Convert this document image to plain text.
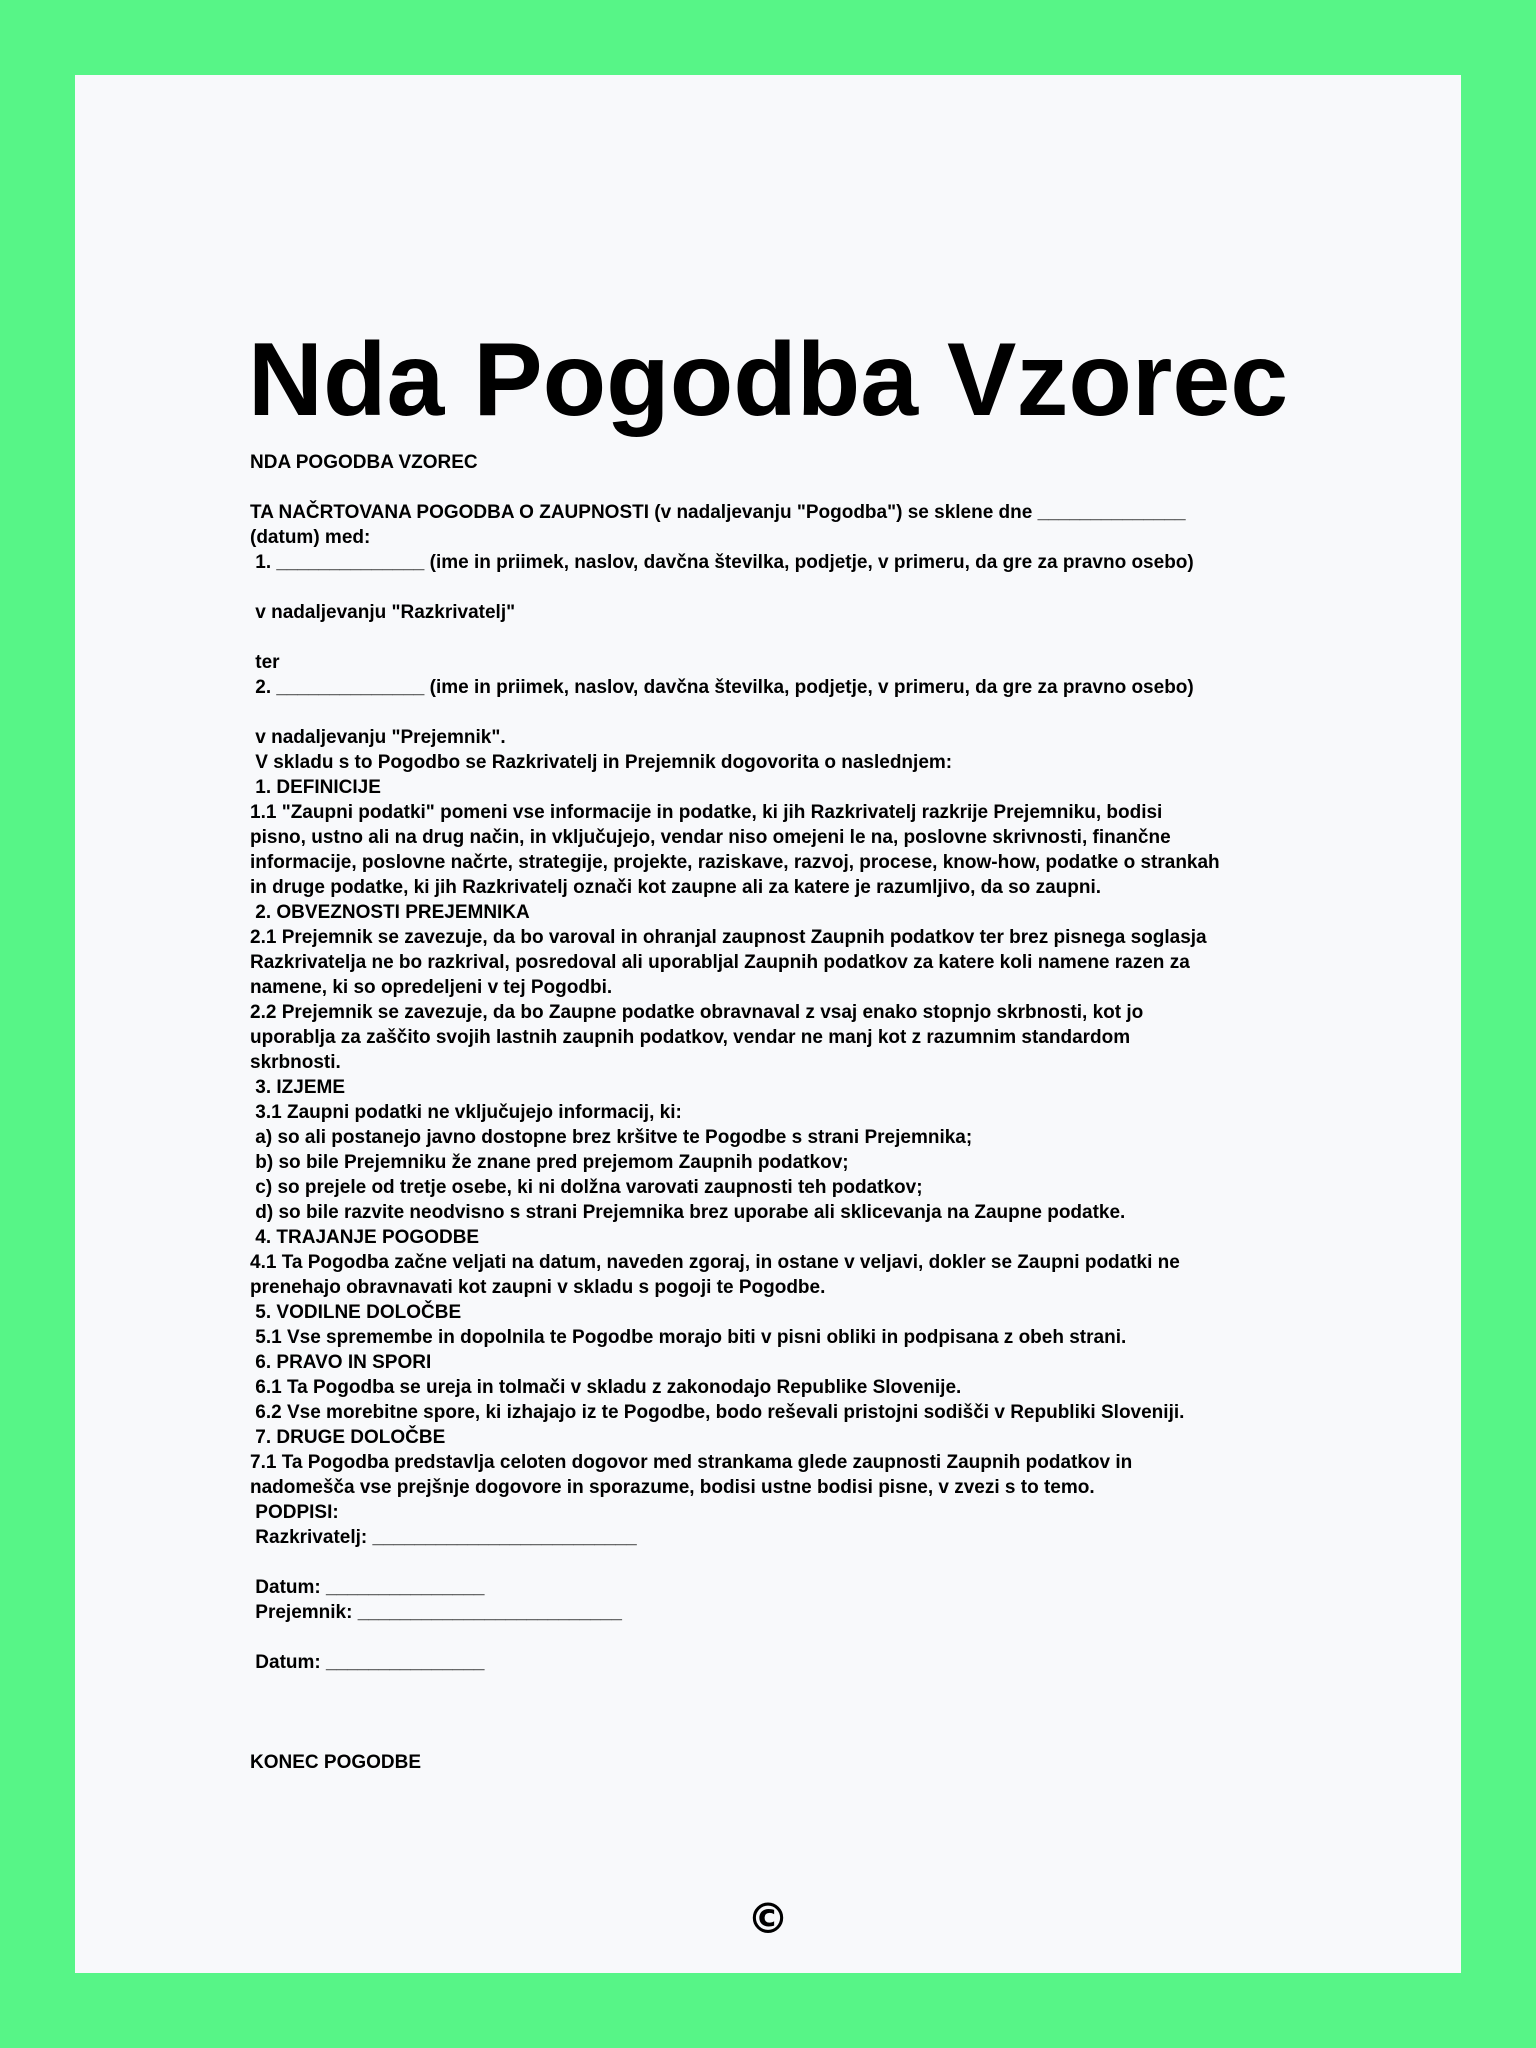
Nda Pogodba Vzorec
NDA POGODBA VZOREC

TA NAČRTOVANA POGODBA O ZAUPNOSTI (v nadaljevanju "Pogodba") se sklene dne ______________
(datum) med:
1. ______________ (ime in priimek, naslov, davčna številka, podjetje, v primeru, da gre za pravno osebo)

v nadaljevanju "Razkrivatelj"

ter
2. ______________ (ime in priimek, naslov, davčna številka, podjetje, v primeru, da gre za pravno osebo)

v nadaljevanju "Prejemnik".
V skladu s to Pogodbo se Razkrivatelj in Prejemnik dogovorita o naslednjem:
1. DEFINICIJE
1.1 "Zaupni podatki" pomeni vse informacije in podatke, ki jih Razkrivatelj razkrije Prejemniku, bodisi
pisno, ustno ali na drug način, in vključujejo, vendar niso omejeni le na, poslovne skrivnosti, finančne
informacije, poslovne načrte, strategije, projekte, raziskave, razvoj, procese, know-how, podatke o strankah
in druge podatke, ki jih Razkrivatelj označi kot zaupne ali za katere je razumljivo, da so zaupni.
2. OBVEZNOSTI PREJEMNIKA
2.1 Prejemnik se zavezuje, da bo varoval in ohranjal zaupnost Zaupnih podatkov ter brez pisnega soglasja
Razkrivatelja ne bo razkrival, posredoval ali uporabljal Zaupnih podatkov za katere koli namene razen za
namene, ki so opredeljeni v tej Pogodbi.
2.2 Prejemnik se zavezuje, da bo Zaupne podatke obravnaval z vsaj enako stopnjo skrbnosti, kot jo
uporablja za zaščito svojih lastnih zaupnih podatkov, vendar ne manj kot z razumnim standardom
skrbnosti.
3. IZJEME
3.1 Zaupni podatki ne vključujejo informacij, ki:
a) so ali postanejo javno dostopne brez kršitve te Pogodbe s strani Prejemnika;
b) so bile Prejemniku že znane pred prejemom Zaupnih podatkov;
c) so prejele od tretje osebe, ki ni dolžna varovati zaupnosti teh podatkov;
d) so bile razvite neodvisno s strani Prejemnika brez uporabe ali sklicevanja na Zaupne podatke.
4. TRAJANJE POGODBE
4.1 Ta Pogodba začne veljati na datum, naveden zgoraj, in ostane v veljavi, dokler se Zaupni podatki ne
prenehajo obravnavati kot zaupni v skladu s pogoji te Pogodbe.
5. VODILNE DOLOČBE
5.1 Vse spremembe in dopolnila te Pogodbe morajo biti v pisni obliki in podpisana z obeh strani.
6. PRAVO IN SPORI
6.1 Ta Pogodba se ureja in tolmači v skladu z zakonodajo Republike Slovenije.
6.2 Vse morebitne spore, ki izhajajo iz te Pogodbe, bodo reševali pristojni sodišči v Republiki Sloveniji.
7. DRUGE DOLOČBE
7.1 Ta Pogodba predstavlja celoten dogovor med strankama glede zaupnosti Zaupnih podatkov in
nadomešča vse prejšnje dogovore in sporazume, bodisi ustne bodisi pisne, v zvezi s to temo.
PODPISI:
Razkrivatelj: _________________________

Datum: _______________
Prejemnik: _________________________

Datum: _______________

KONEC POGODBE
©
